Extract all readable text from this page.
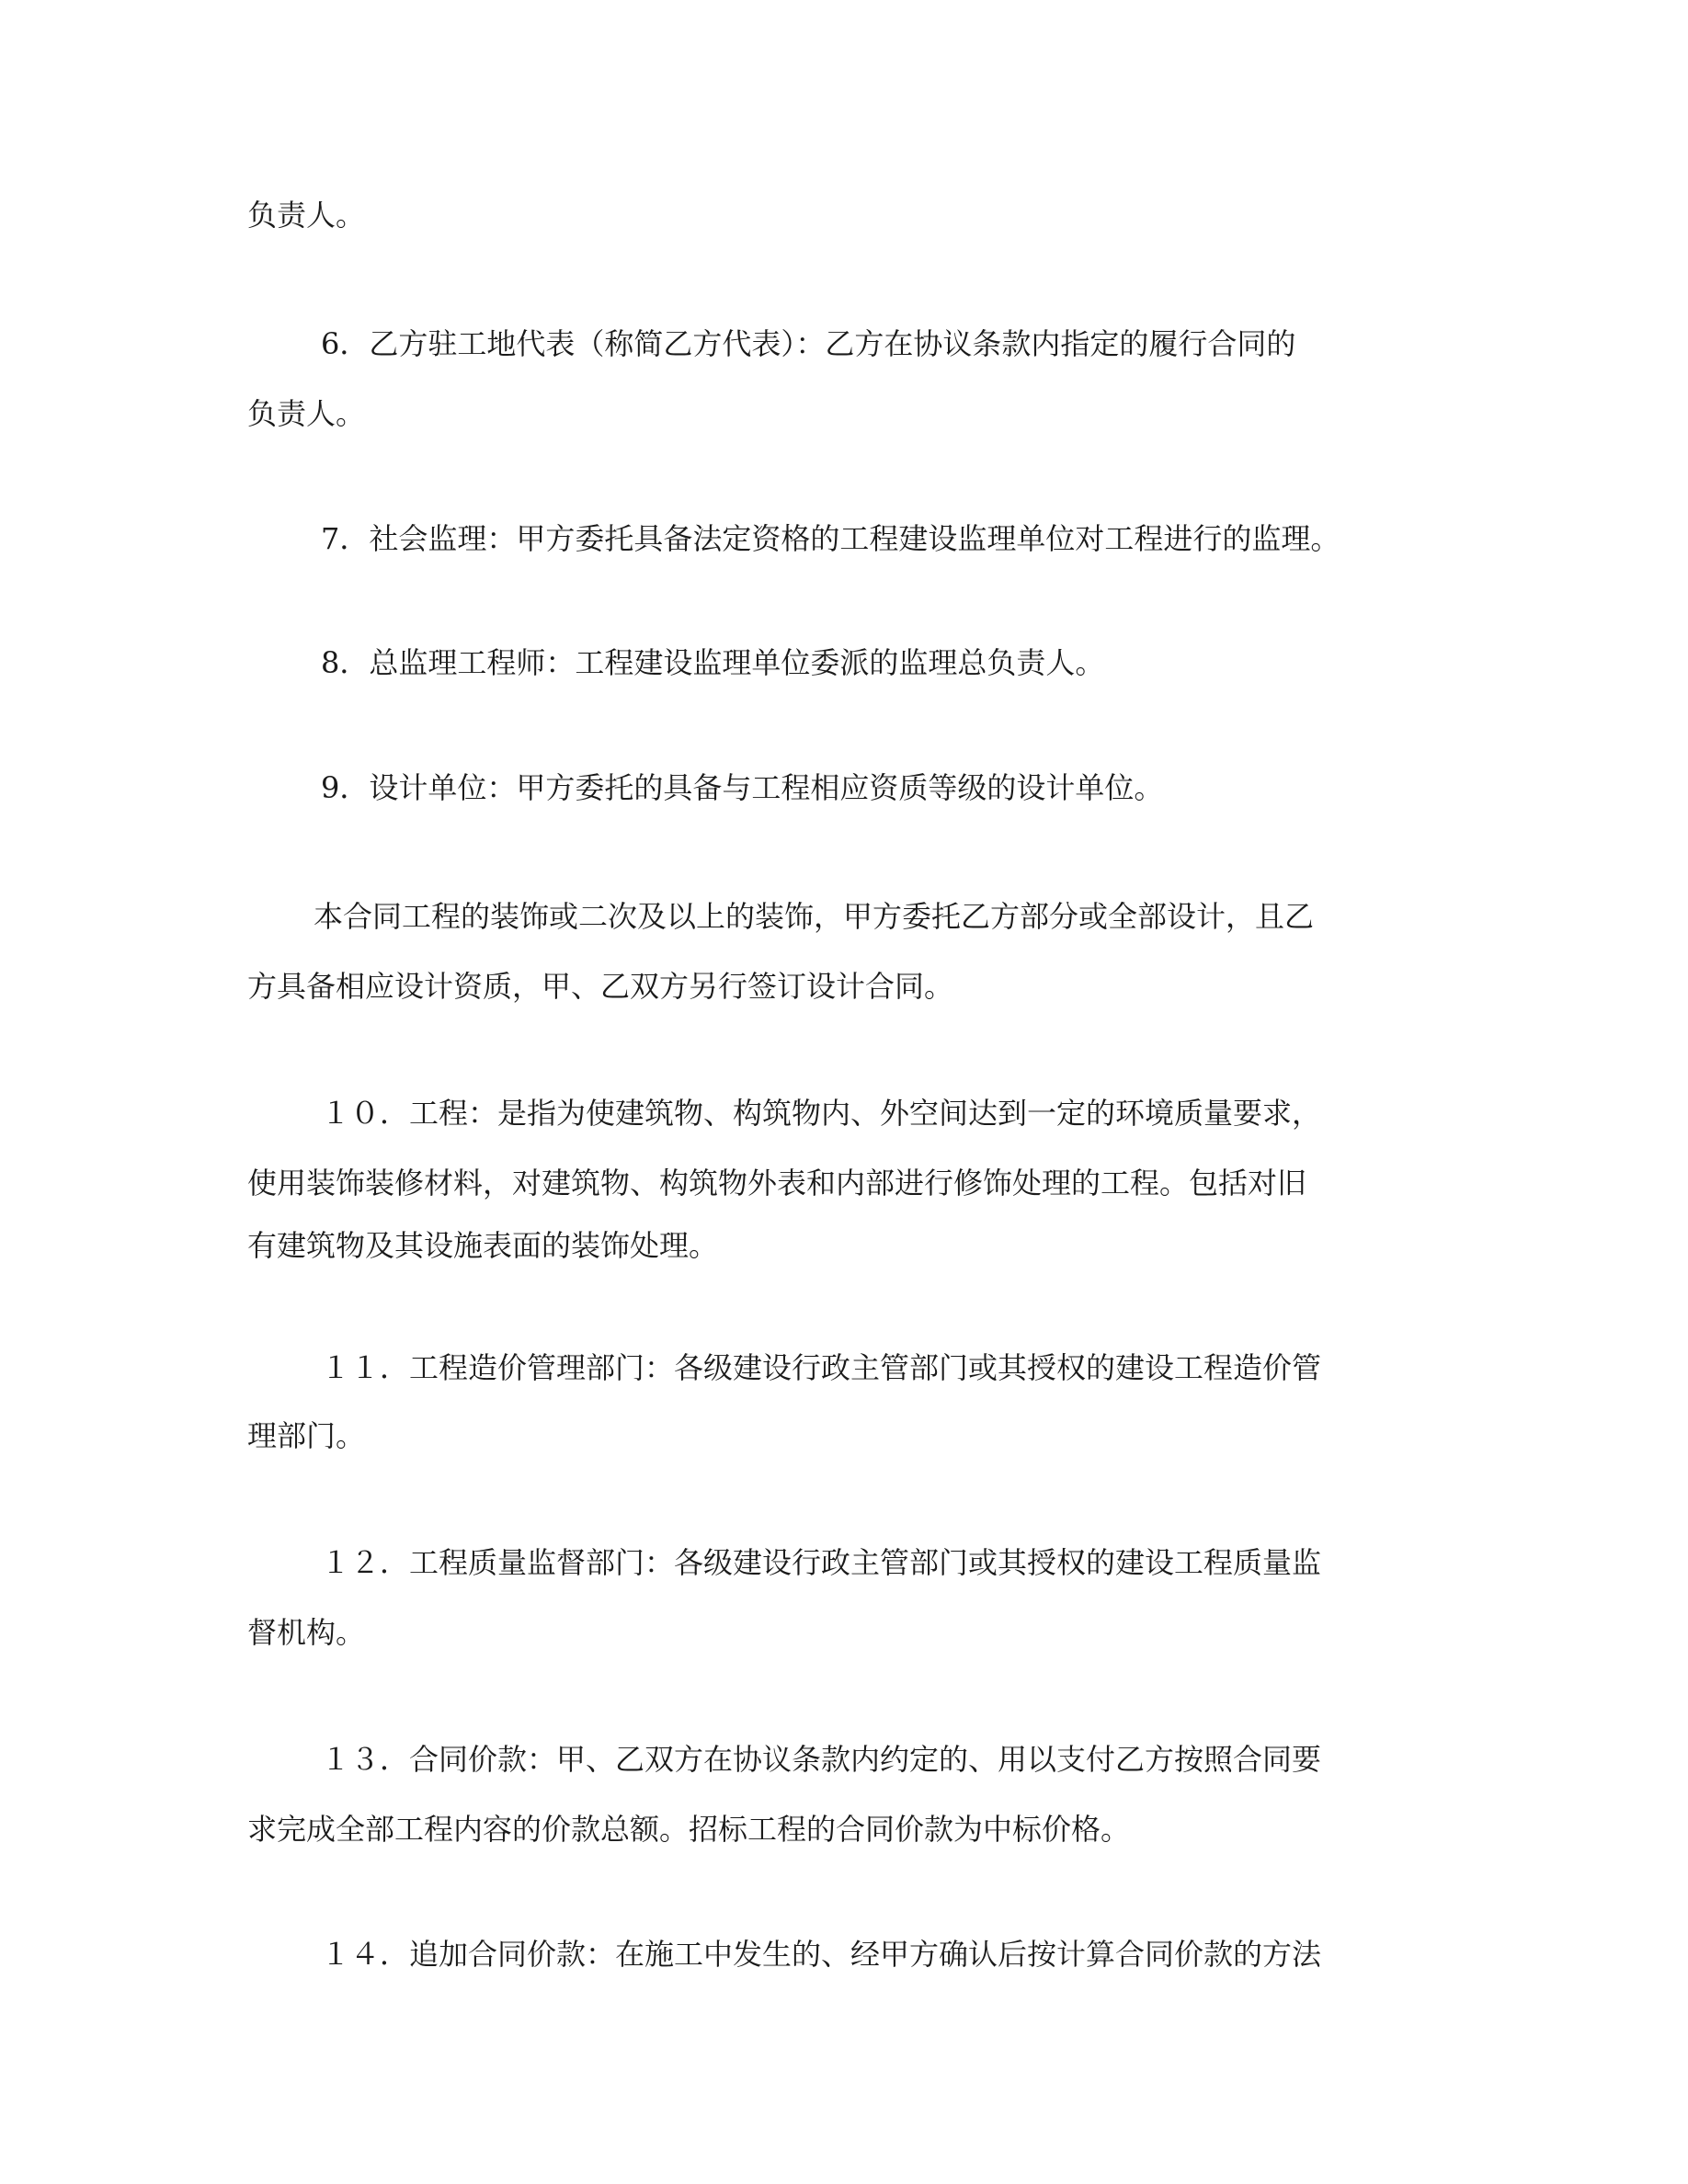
负责人。
6．乙方驻工地代表（称简乙方代表）：乙方在协议条款内指定的履行合同的
负责人。
7．社会监理：甲方委托具备法定资格的工程建设监理单位对工程进行的监理。
8．总监理工程师：工程建设监理单位委派的监理总负责人。
9．设计单位：甲方委托的具备与工程相应资质等级的设计单位。
本合同工程的装饰或二次及以上的装饰，甲方委托乙方部分或全部设计，且乙
方具备相应设计资质，甲、乙双方另行签订设计合同。
１０．工程：是指为使建筑物、构筑物内、外空间达到一定的环境质量要求，
使用装饰装修材料，对建筑物、构筑物外表和内部进行修饰处理的工程。包括对旧
有建筑物及其设施表面的装饰处理。
１１．工程造价管理部门：各级建设行政主管部门或其授权的建设工程造价管
理部门。
１２．工程质量监督部门：各级建设行政主管部门或其授权的建设工程质量监
督机构。
１３．合同价款：甲、乙双方在协议条款内约定的、用以支付乙方按照合同要
求完成全部工程内容的价款总额。招标工程的合同价款为中标价格。
１４．追加合同价款：在施工中发生的、经甲方确认后按计算合同价款的方法
